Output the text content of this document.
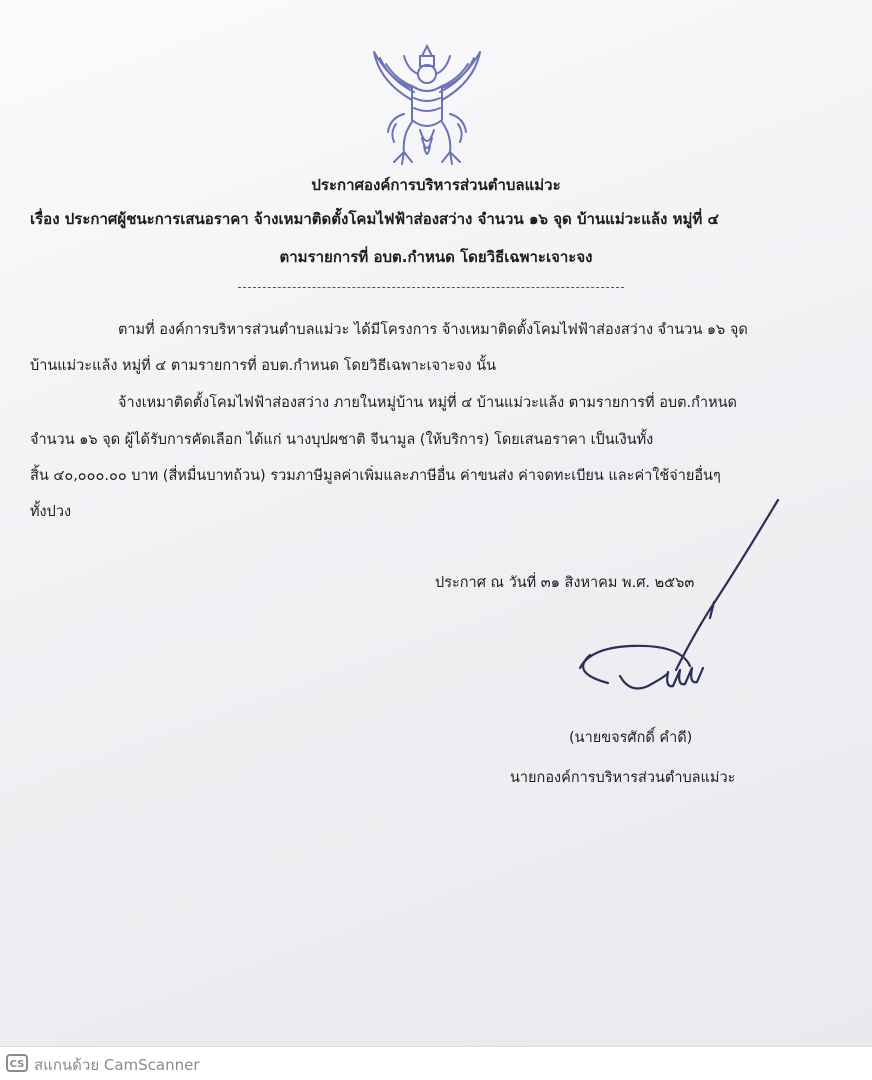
ประกาศองค์การบริหารส่วนตำบลแม่วะ
เรื่อง ประกาศผู้ชนะการเสนอราคา จ้างเหมาติดตั้งโคมไฟฟ้าส่องสว่าง จำนวน ๑๖ จุด บ้านแม่วะแล้ง หมู่ที่ ๔
ตามรายการที่ อบต.กำหนด โดยวิธีเฉพาะเจาะจง
ตามที่ องค์การบริหารส่วนตำบลแม่วะ ได้มีโครงการ จ้างเหมาติดตั้งโคมไฟฟ้าส่องสว่าง จำนวน ๑๖ จุด
บ้านแม่วะแล้ง หมู่ที่ ๔ ตามรายการที่ อบต.กำหนด โดยวิธีเฉพาะเจาะจง นั้น
จ้างเหมาติดตั้งโคมไฟฟ้าส่องสว่าง ภายในหมู่บ้าน หมู่ที่ ๔ บ้านแม่วะแล้ง ตามรายการที่ อบต.กำหนด
จำนวน ๑๖ จุด ผู้ได้รับการคัดเลือก ได้แก่ นางบุปผชาติ จีนามูล (ให้บริการ) โดยเสนอราคา เป็นเงินทั้ง
สิ้น ๔๐,๐๐๐.๐๐ บาท (สี่หมื่นบาทถ้วน) รวมภาษีมูลค่าเพิ่มและภาษีอื่น ค่าขนส่ง ค่าจดทะเบียน และค่าใช้จ่ายอื่นๆ
ทั้งปวง
ประกาศ ณ วันที่ ๓๑ สิงหาคม พ.ศ. ๒๕๖๓
(นายขจรศักดิ์ คำดี)
นายกองค์การบริหารส่วนตำบลแม่วะ
CS สแกนด้วย CamScanner
